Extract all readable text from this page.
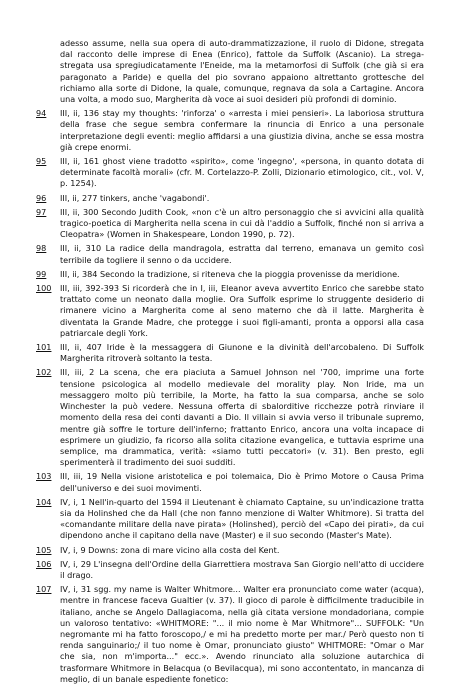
adesso assume, nella sua opera di auto-drammatizzazione, il ruolo di Didone, stregata dal racconto delle imprese di Enea (Enrico), fattole da Suffolk (Ascanio). La strega-stregata usa spregiudicatamente l'Eneide, ma la metamorfosi di Suffolk (che già si era paragonato a Paride) e quella del pio sovrano appaiono altrettanto grottesche del richiamo alla sorte di Didone, la quale, comunque, regnava da sola a Cartagine. Ancora una volta, a modo suo, Margherita dà voce ai suoi desideri più profondi di dominio.
94 III, ii, 136 stay my thoughts: 'rinforza' o «arresta i miei pensieri». La laboriosa struttura della frase che segue sembra confermare la rinuncia di Enrico a una personale interpretazione degli eventi: meglio affidarsi a una giustizia divina, anche se essa mostra già crepe enormi.
95 III, ii, 161 ghost viene tradotto «spirito», come 'ingegno', «persona, in quanto dotata di determinate facoltà morali» (cfr. M. Cortelazzo-P. Zolli, Dizionario etimologico, cit., vol. V, p. 1254).
96 III, ii, 277 tinkers, anche 'vagabondi'.
97 III, ii, 300 Secondo Judith Cook, «non c'è un altro personaggio che si avvicini alla qualità tragico-poetica di Margherita nella scena in cui dà l'addio a Suffolk, finché non si arriva a Cleopatra» (Women in Shakespeare, London 1990, p. 72).
98 III, ii, 310 La radice della mandragola, estratta dal terreno, emanava un gemito così terribile da togliere il senno o da uccidere.
99 III, ii, 384 Secondo la tradizione, si riteneva che la pioggia provenisse da meridione.
100 III, iii, 392-393 Si ricorderà che in I, iii, Eleanor aveva avvertito Enrico che sarebbe stato trattato come un neonato dalla moglie. Ora Suffolk esprime lo struggente desiderio di rimanere vicino a Margherita come al seno materno che dà il latte. Margherita è diventata la Grande Madre, che protegge i suoi figli-amanti, pronta a opporsi alla casa patriarcale degli York.
101 III, ii, 407 Iride è la messaggera di Giunone e la divinità dell'arcobaleno. Di Suffolk Margherita ritroverà soltanto la testa.
102 III, iii, 2 La scena, che era piaciuta a Samuel Johnson nel '700, imprime una forte tensione psicologica al modello medievale del morality play. Non Iride, ma un messaggero molto più terribile, la Morte, ha fatto la sua comparsa, anche se solo Winchester la può vedere. Nessuna offerta di sbalorditive ricchezze potrà rinviare il momento della resa dei conti davanti a Dio. Il villain si avvia verso il tribunale supremo, mentre già soffre le torture dell'inferno; frattanto Enrico, ancora una volta incapace di esprimere un giudizio, fa ricorso alla solita citazione evangelica, e tuttavia esprime una semplice, ma drammatica, verità: «siamo tutti peccatori» (v. 31). Ben presto, egli sperimenterà il tradimento dei suoi sudditi.
103 III, iii, 19 Nella visione aristotelica e poi tolemaica, Dio è Primo Motore o Causa Prima dell'universo e dei suoi movimenti.
104 IV, i, 1 Nell'in-quarto del 1594 il Lieutenant è chiamato Captaine, su un'indicazione tratta sia da Holinshed che da Hall (che non fanno menzione di Walter Whitmore). Si tratta del «comandante militare della nave pirata» (Holinshed), perciò del «Capo dei pirati», da cui dipendono anche il capitano della nave (Master) e il suo secondo (Master's Mate).
105 IV, i, 9 Downs: zona di mare vicino alla costa del Kent.
106 IV, i, 29 L'insegna dell'Ordine della Giarrettiera mostrava San Giorgio nell'atto di uccidere il drago.
107 IV, i, 31 sgg. my name is Walter Whitmore... Walter era pronunciato come water (acqua), mentre in francese faceva Gualtier (v. 37). Il gioco di parole è difficilmente traducibile in italiano, anche se Angelo Dallagiacoma, nella già citata versione mondadoriana, compie un valoroso tentativo: «WHITMORE: "... il mio nome è Mar Whitmore"... SUFFOLK: "Un negromante mi ha fatto foroscopo,/ e mi ha predetto morte per mar./ Però questo non ti renda sanguinario;/ il tuo nome è Omar, pronunciato giusto" WHITMORE: "Omar o Mar che sia, non m'importa..." ecc.». Avendo rinunciato alla soluzione autarchica di trasformare Whitmore in Belacqua (o Bevilacqua), mi sono accontentato, in mancanza di meglio, di un banale espediente fonetico:
